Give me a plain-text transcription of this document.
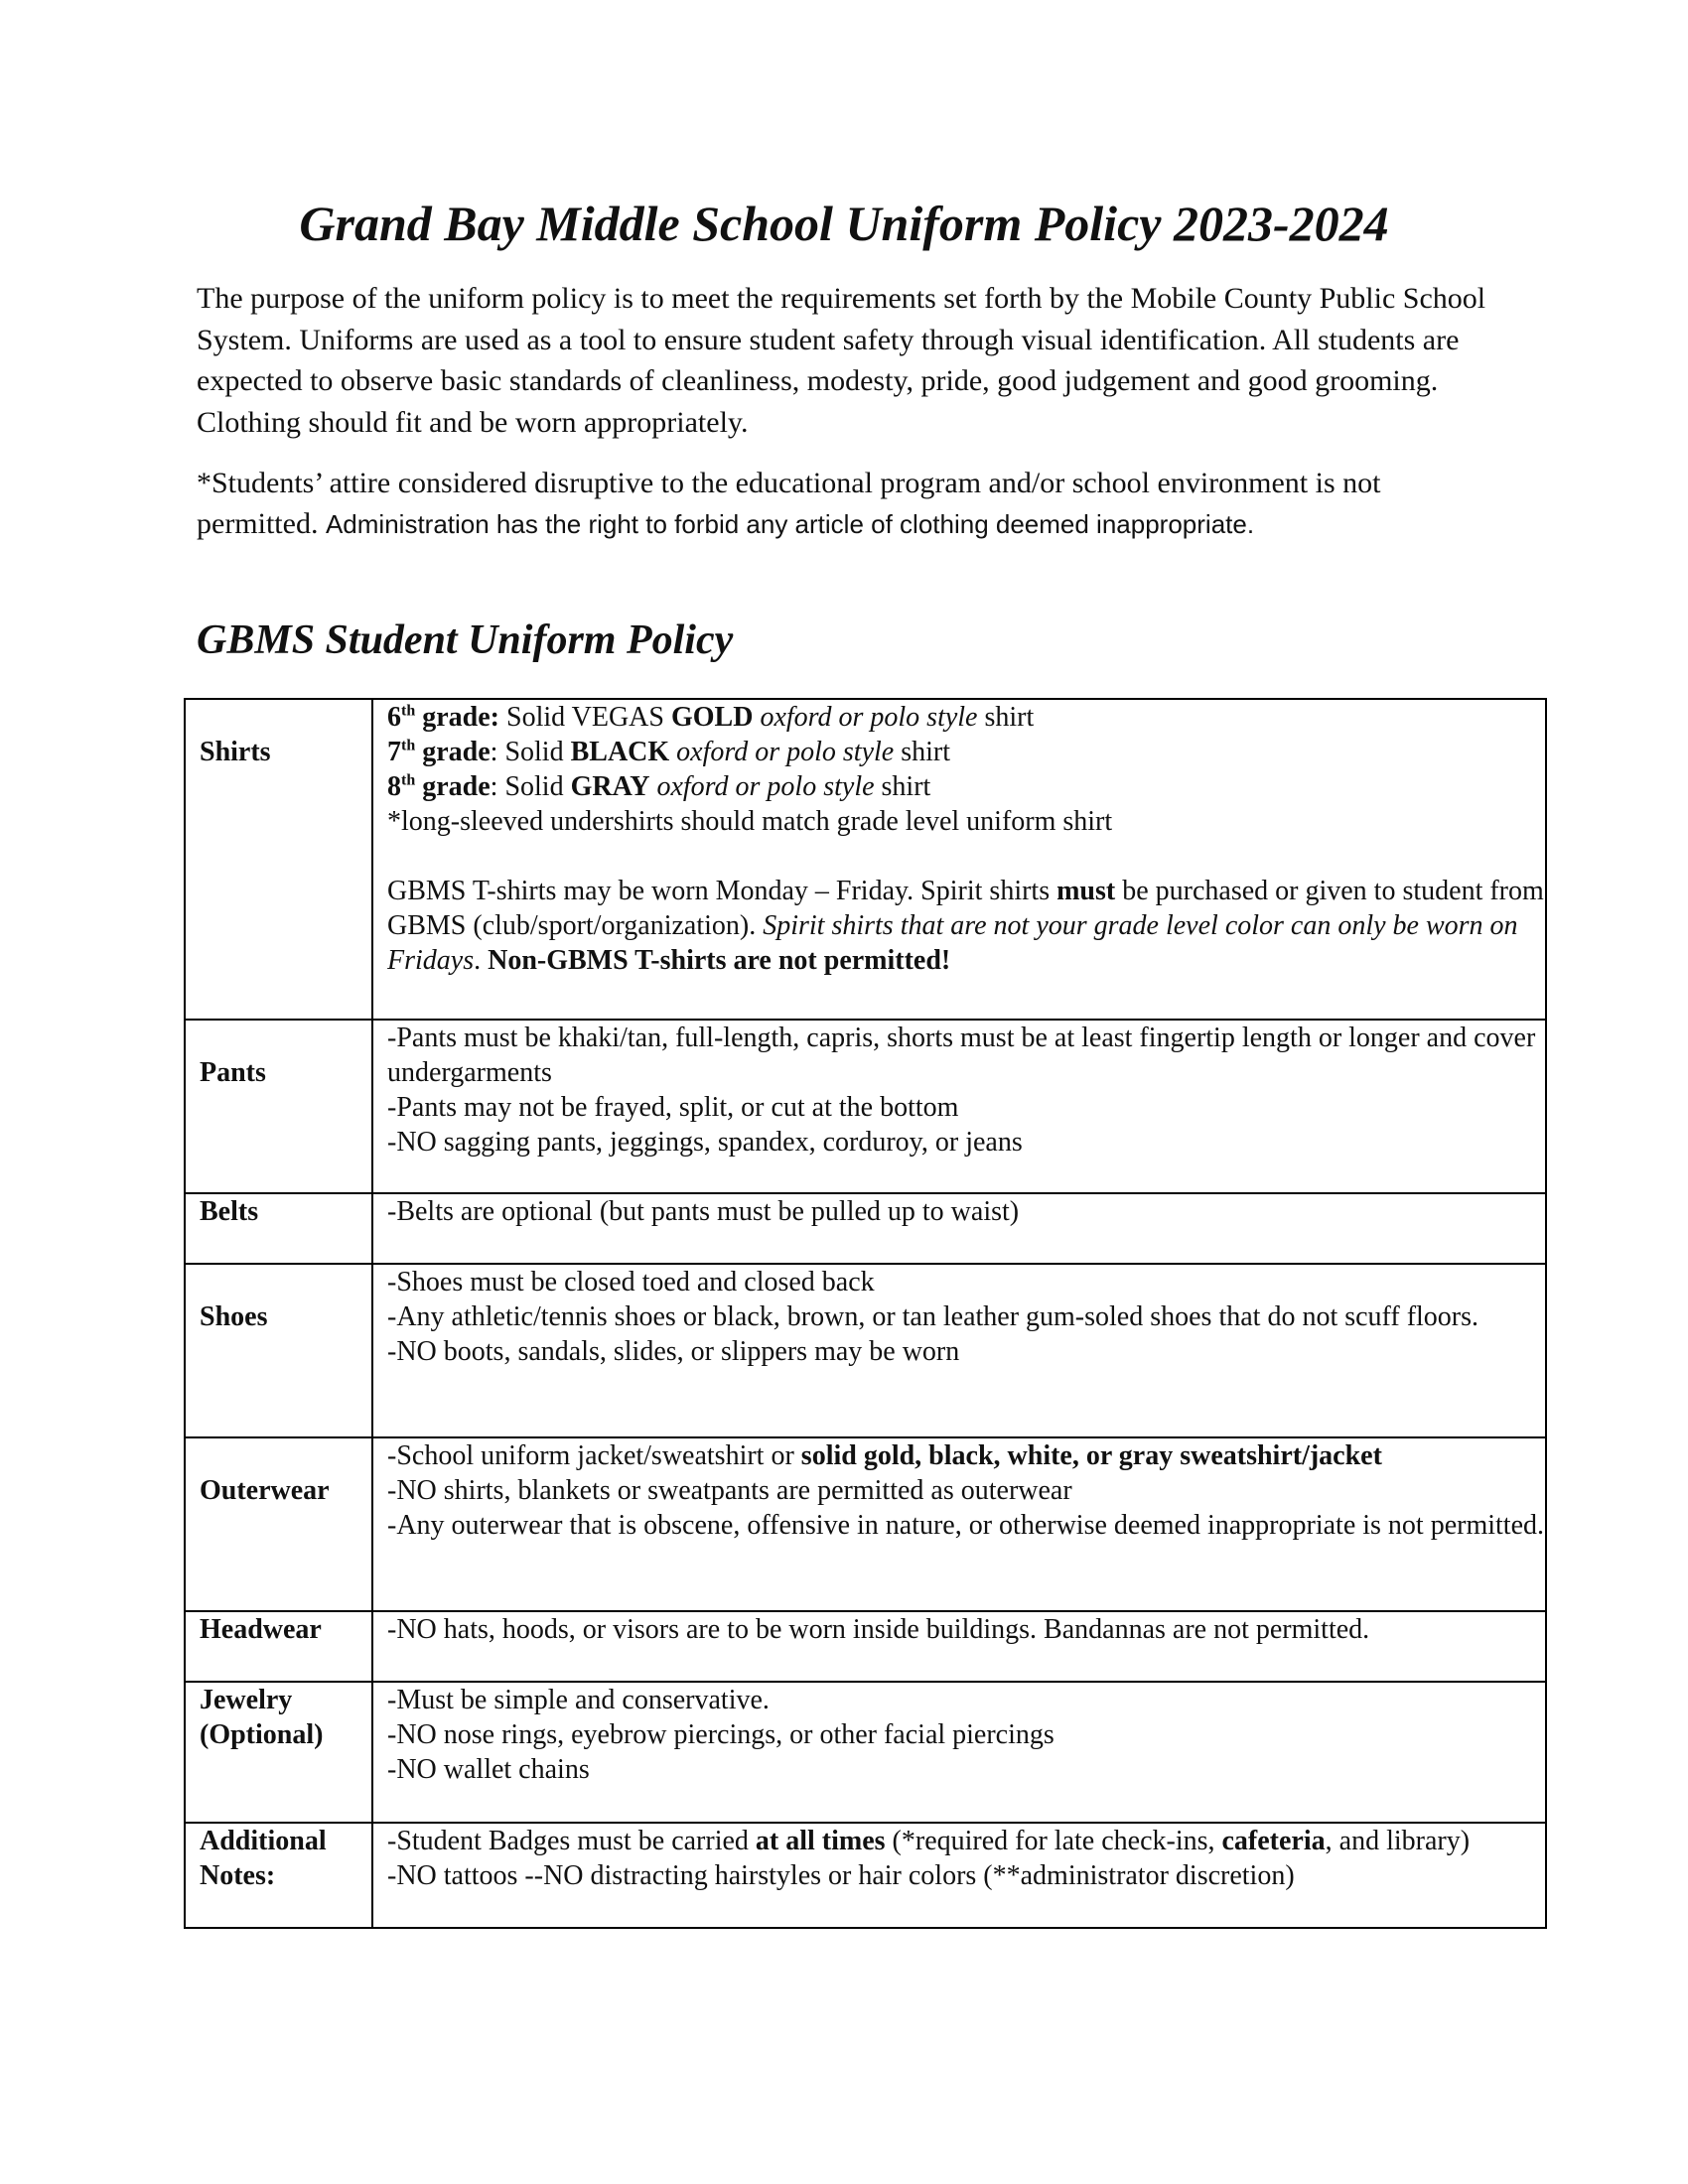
Grand Bay Middle School Uniform Policy 2023-2024

The purpose of the uniform policy is to meet the requirements set forth by the Mobile County Public School System. Uniforms are used as a tool to ensure student safety through visual identification. All students are expected to observe basic standards of cleanliness, modesty, pride, good judgement and good grooming. Clothing should fit and be worn appropriately.

*Students’ attire considered disruptive to the educational program and/or school environment is not permitted. Administration has the right to forbid any article of clothing deemed inappropriate.

GBMS Student Uniform Policy
Shirts	6th grade: Solid VEGAS GOLD oxford or polo style shirt
7th grade: Solid BLACK oxford or polo style shirt
8th grade: Solid GRAY oxford or polo style shirt
*long-sleeved undershirts should match grade level uniform shirt
GBMS T-shirts may be worn Monday – Friday. Spirit shirts must be purchased or given to student from GBMS (club/sport/organization). Spirit shirts that are not your grade level color can only be worn on Fridays. Non-GBMS T-shirts are not permitted!

Pants	-Pants must be khaki/tan, full-length, capris, shorts must be at least fingertip length or longer and cover undergarments
-Pants may not be frayed, split, or cut at the bottom
-NO sagging pants, jeggings, spandex, corduroy, or jeans

Belts	-Belts are optional (but pants must be pulled up to waist)

Shoes	-Shoes must be closed toed and closed back
-Any athletic/tennis shoes or black, brown, or tan leather gum-soled shoes that do not scuff floors.
-NO boots, sandals, slides, or slippers may be worn

Outerwear	-School uniform jacket/sweatshirt or solid gold, black, white, or gray sweatshirt/jacket
-NO shirts, blankets or sweatpants are permitted as outerwear
-Any outerwear that is obscene, offensive in nature, or otherwise deemed inappropriate is not permitted.

Headwear	-NO hats, hoods, or visors are to be worn inside buildings. Bandannas are not permitted.

Jewelry
(Optional)	-Must be simple and conservative.
-NO nose rings, eyebrow piercings, or other facial piercings
-NO wallet chains

Additional
Notes:	-Student Badges must be carried at all times (*required for late check-ins, cafeteria, and library)
-NO tattoos --NO distracting hairstyles or hair colors (**administrator discretion)
